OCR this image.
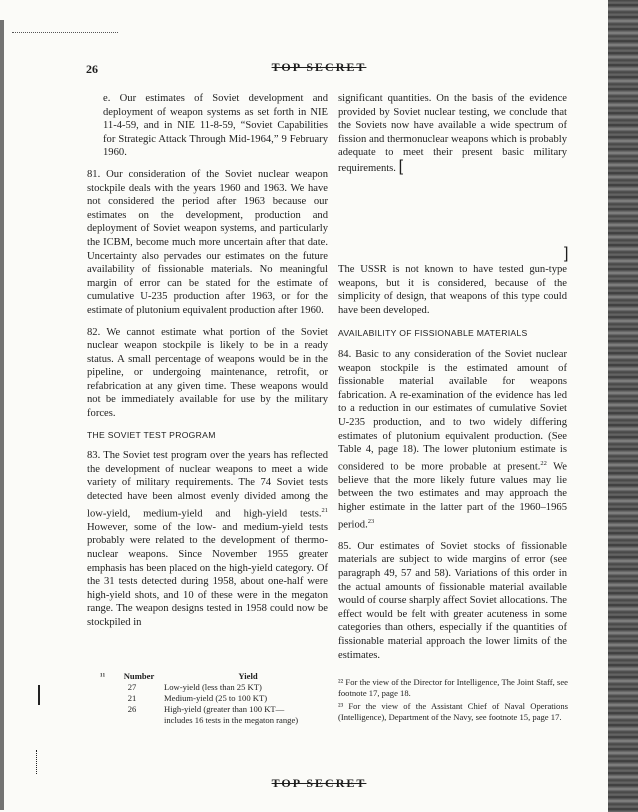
26	TOP SECRET

e. Our estimates of Soviet development and deployment of weapon systems as set forth in NIE 11-4-59, and in NIE 11-8-59, “Soviet Capabilities for Strategic Attack Through Mid-1964,” 9 February 1960.

81. Our consideration of the Soviet nuclear weapon stockpile deals with the years 1960 and 1963. We have not considered the period after 1963 because our estimates on the development, production and deployment of Soviet weapon systems, and particularly the ICBM, become much more uncertain after that date. Uncertainty also pervades our estimates on the future availability of fissionable materials. No meaningful margin of error can be stated for the estimate of cumulative U-235 production after 1963, or for the estimate of plutonium equivalent production after 1960.

82. We cannot estimate what portion of the Soviet nuclear weapon stockpile is likely to be in a ready status. A small percentage of weapons would be in the pipeline, or undergoing maintenance, retrofit, or refabrication at any given time. These weapons would not be immediately available for use by the military forces.

THE SOVIET TEST PROGRAM

83. The Soviet test program over the years has reflected the development of nuclear weapons to meet a wide variety of military requirements. The 74 Soviet tests detected have been almost evenly divided among the low-yield, medium-yield and high-yield tests.$^{21}$ However, some of the low- and medium-yield tests probably were related to the development of thermo-nuclear weapons. Since November 1955 greater emphasis has been placed on the high-yield category. Of the 31 tests detected during 1958, about one-half were high-yield shots, and 10 of these were in the megaton range. The weapon designs tested in 1958 could now be stockpiled in

¹¹	Number	Yield
27	Low-yield (less than 25 KT)
21	Medium-yield (25 to 100 KT)
26	High-yield (greater than 100 KT— includes 16 tests in the megaton range)

significant quantities. On the basis of the evidence provided by Soviet nuclear testing, we conclude that the Soviets now have available a wide spectrum of fission and thermonuclear weapons which is probably adequate to meet their present basic military requirements. [

]

The USSR is not known to have tested gun-type weapons, but it is considered, because of the simplicity of design, that weapons of this type could have been developed.

AVAILABILITY OF FISSIONABLE MATERIALS

84. Basic to any consideration of the Soviet nuclear weapon stockpile is the estimated amount of fissionable material available for weapons fabrication. A re-examination of the evidence has led to a reduction in our estimates of cumulative Soviet U-235 production, and to two widely differing estimates of plutonium equivalent production. (See Table 4, page 18). The lower plutonium estimate is considered to be more probable at present.$^{22}$ We believe that the more likely future values may lie between the two estimates and may approach the higher estimate in the latter part of the 1960–1965 period.$^{23}$

85. Our estimates of Soviet stocks of fissionable materials are subject to wide margins of error (see paragraph 49, 57 and 58). Variations of this order in the actual amounts of fissionable material available would of course sharply affect Soviet allocations. The effect would be felt with greater acuteness in some categories than others, especially if the quantities of fissionable material approach the lower limits of the estimates.

²² For the view of the Director for Intelligence, The Joint Staff, see footnote 17, page 18.

²³ For the view of the Assistant Chief of Naval Operations (Intelligence), Department of the Navy, see footnote 15, page 17.

TOP SECRET
